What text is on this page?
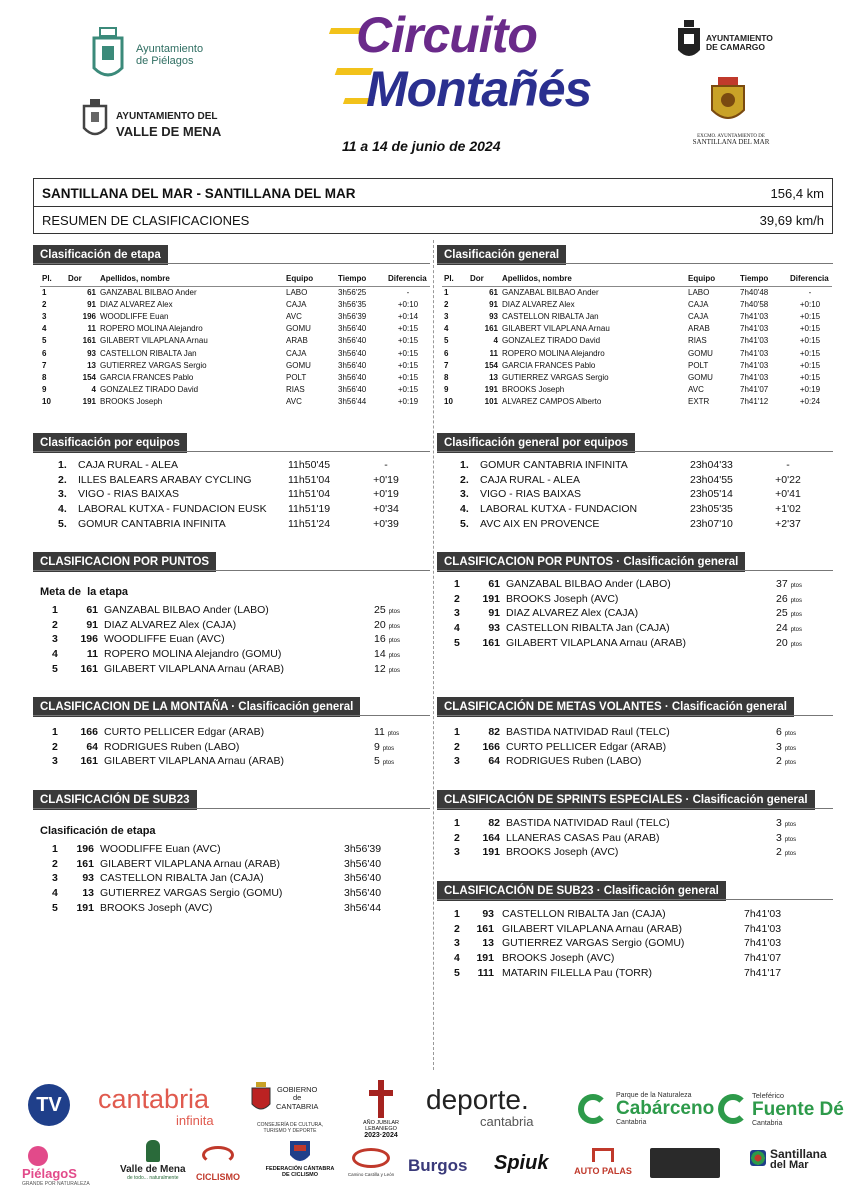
Ayuntamiento
de Piélagos
AYUNTAMIENTO DEL
VALLE DE MENA
Circuito
Montañés
11 a 14 de junio de 2024
AYUNTAMIENTO
DE CAMARGO
EXCMO. AYUNTAMIENTO DE
SANTILLANA DEL MAR
SANTILLANA DEL MAR - SANTILLANA DEL MAR	156,4 km
RESUMEN DE CLASIFICACIONES	39,69 km/h
Clasificación de etapa
Pl.	Dor	Apellidos, nombre	Equipo	Tiempo	Diferencia
1	61	GANZABAL BILBAO Ander	LABO	3h56'25	-
2	91	DIAZ ALVAREZ Alex	CAJA	3h56'35	+0:10
3	196	WOODLIFFE Euan	AVC	3h56'39	+0:14
4	11	ROPERO MOLINA Alejandro	GOMU	3h56'40	+0:15
5	161	GILABERT VILAPLANA Arnau	ARAB	3h56'40	+0:15
6	93	CASTELLON RIBALTA Jan	CAJA	3h56'40	+0:15
7	13	GUTIERREZ VARGAS Sergio	GOMU	3h56'40	+0:15
8	154	GARCIA FRANCES Pablo	POLT	3h56'40	+0:15
9	4	GONZALEZ TIRADO David	RIAS	3h56'40	+0:15
10	191	BROOKS Joseph	AVC	3h56'44	+0:19
Clasificación general
Pl.	Dor	Apellidos, nombre	Equipo	Tiempo	Diferencia
1	61	GANZABAL BILBAO Ander	LABO	7h40'48	-
2	91	DIAZ ALVAREZ Alex	CAJA	7h40'58	+0:10
3	93	CASTELLON RIBALTA Jan	CAJA	7h41'03	+0:15
4	161	GILABERT VILAPLANA Arnau	ARAB	7h41'03	+0:15
5	4	GONZALEZ TIRADO David	RIAS	7h41'03	+0:15
6	11	ROPERO MOLINA Alejandro	GOMU	7h41'03	+0:15
7	154	GARCIA FRANCES Pablo	POLT	7h41'03	+0:15
8	13	GUTIERREZ VARGAS Sergio	GOMU	7h41'03	+0:15
9	191	BROOKS Joseph	AVC	7h41'07	+0:19
10	101	ALVAREZ CAMPOS Alberto	EXTR	7h41'12	+0:24
Clasificación por equipos
1.	CAJA RURAL - ALEA	11h50'45	-
2.	ILLES BALEARS ARABAY CYCLING	11h51'04	+0'19
3.	VIGO - RIAS BAIXAS	11h51'04	+0'19
4.	LABORAL KUTXA - FUNDACION EUSK	11h51'19	+0'34
5.	GOMUR CANTABRIA INFINITA	11h51'24	+0'39
Clasificación general por equipos
1.	GOMUR CANTABRIA INFINITA	23h04'33	-
2.	CAJA RURAL - ALEA	23h04'55	+0'22
3.	VIGO - RIAS BAIXAS	23h05'14	+0'41
4.	LABORAL KUTXA - FUNDACION	23h05'35	+1'02
5.	AVC AIX EN PROVENCE	23h07'10	+2'37
CLASIFICACION POR PUNTOS
Meta de  la etapa
1	61 GANZABAL BILBAO Ander (LABO)	25 ptos
2	91 DIAZ ALVAREZ Alex (CAJA)	20 ptos
3	196 WOODLIFFE Euan (AVC)	16 ptos
4	11 ROPERO MOLINA Alejandro (GOMU)	14 ptos
5	161 GILABERT VILAPLANA Arnau (ARAB)	12 ptos
CLASIFICACION POR PUNTOS · Clasificación general
1	61 GANZABAL BILBAO Ander (LABO)	37 ptos
2	191 BROOKS Joseph (AVC)	26 ptos
3	91 DIAZ ALVAREZ Alex (CAJA)	25 ptos
4	93 CASTELLON RIBALTA Jan (CAJA)	24 ptos
5	161 GILABERT VILAPLANA Arnau (ARAB)	20 ptos
CLASIFICACION DE LA MONTAÑA · Clasificación general
1	166 CURTO PELLICER Edgar (ARAB)	11 ptos
2	64 RODRIGUES Ruben (LABO)	9 ptos
3	161 GILABERT VILAPLANA Arnau (ARAB)	5 ptos
CLASIFICACIÓN DE METAS VOLANTES · Clasificación general
1	82 BASTIDA NATIVIDAD Raul (TELC)	6 ptos
2	166 CURTO PELLICER Edgar (ARAB)	3 ptos
3	64 RODRIGUES Ruben (LABO)	2 ptos
CLASIFICACIÓN DE SUB23
Clasificación de etapa
1	196 WOODLIFFE Euan (AVC)	3h56'39
2	161 GILABERT VILAPLANA Arnau (ARAB)	3h56'40
3	93 CASTELLON RIBALTA Jan (CAJA)	3h56'40
4	13 GUTIERREZ VARGAS Sergio (GOMU)	3h56'40
5	191 BROOKS Joseph (AVC)	3h56'44
CLASIFICACIÓN DE SPRINTS ESPECIALES · Clasificación general
1	82 BASTIDA NATIVIDAD Raul (TELC)	3 ptos
2	164 LLANERAS CASAS Pau (ARAB)	3 ptos
3	191 BROOKS Joseph (AVC)	2 ptos
CLASIFICACIÓN DE SUB23 · Clasificación general
1	93 CASTELLON RIBALTA Jan (CAJA)	7h41'03
2	161 GILABERT VILAPLANA Arnau (ARAB)	7h41'03
3	13 GUTIERREZ VARGAS Sergio (GOMU)	7h41'03
4	191 BROOKS Joseph (AVC)	7h41'07
5	111 MATARIN FILELLA Pau (TORR)	7h41'17
TV	cantabria
infinita
GOBIERNO
de
CANTABRIA
CONSEJERÍA DE CULTURA,
TURISMO Y DEPORTE
AÑO JUBILAR
LEBANIEGO
2023·2024
deporte.
cantabria
Parque de la Naturaleza
Cabárceno
Cantabria
Teleférico
Fuente Dé
Cantabria
PiélagoS
GRANDE POR NATURALEZA
Valle de Mena
de todo... naturalmente	CICLISMO
FEDERACIÓN CÁNTABRA
DE CICLISMO	Camino Castilla y León Burgos Spiuk	AUTO PALAS
Santillana
del Mar
